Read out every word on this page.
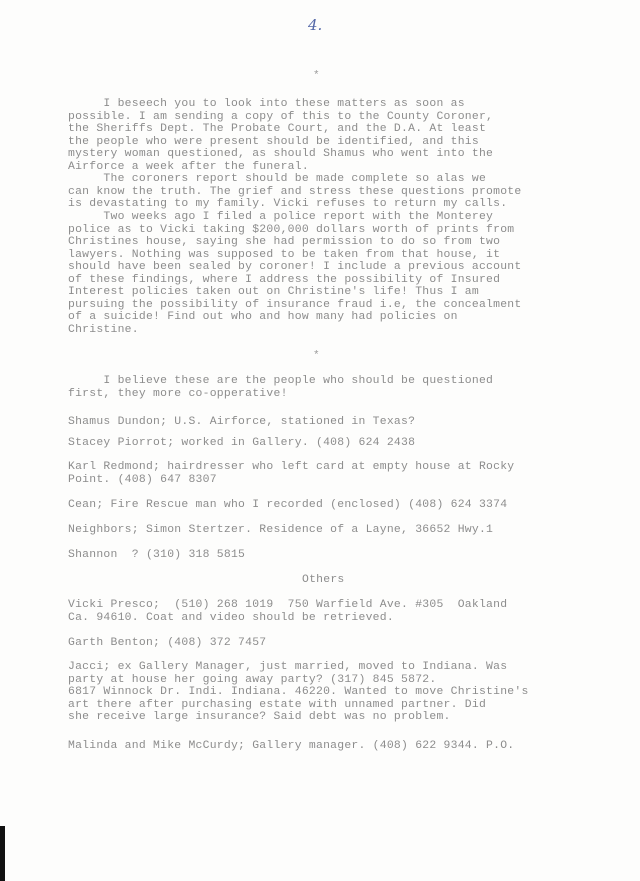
4.
*
I beseech you to look into these matters as soon as
possible. I am sending a copy of this to the County Coroner,
the Sheriffs Dept. The Probate Court, and the D.A. At least
the people who were present should be identified, and this
mystery woman questioned, as should Shamus who went into the
Airforce a week after the funeral.
The coroners report should be made complete so alas we
can know the truth. The grief and stress these questions promote
is devastating to my family. Vicki refuses to return my calls.
Two weeks ago I filed a police report with the Monterey
police as to Vicki taking $200,000 dollars worth of prints from
Christines house, saying she had permission to do so from two
lawyers. Nothing was supposed to be taken from that house, it
should have been sealed by coroner! I include a previous account
of these findings, where I address the possibility of Insured
Interest policies taken out on Christine's life! Thus I am
pursuing the possibility of insurance fraud i.e, the concealment
of a suicide! Find out who and how many had policies on
Christine.
*
I believe these are the people who should be questioned
first, they more co-opperative!
Shamus Dundon; U.S. Airforce, stationed in Texas?
Stacey Piorrot; worked in Gallery. (408) 624 2438
Karl Redmond; hairdresser who left card at empty house at Rocky
Point. (408) 647 8307
Cean; Fire Rescue man who I recorded (enclosed) (408) 624 3374
Neighbors; Simon Stertzer. Residence of a Layne, 36652 Hwy.1
Shannon  ? (310) 318 5815
Others
Vicki Presco;  (510) 268 1019  750 Warfield Ave. #305  Oakland
Ca. 94610. Coat and video should be retrieved.
Garth Benton; (408) 372 7457
Jacci; ex Gallery Manager, just married, moved to Indiana. Was
party at house her going away party? (317) 845 5872.
6817 Winnock Dr. Indi. Indiana. 46220. Wanted to move Christine's
art there after purchasing estate with unnamed partner. Did
she receive large insurance? Said debt was no problem.
Malinda and Mike McCurdy; Gallery manager. (408) 622 9344. P.O.
